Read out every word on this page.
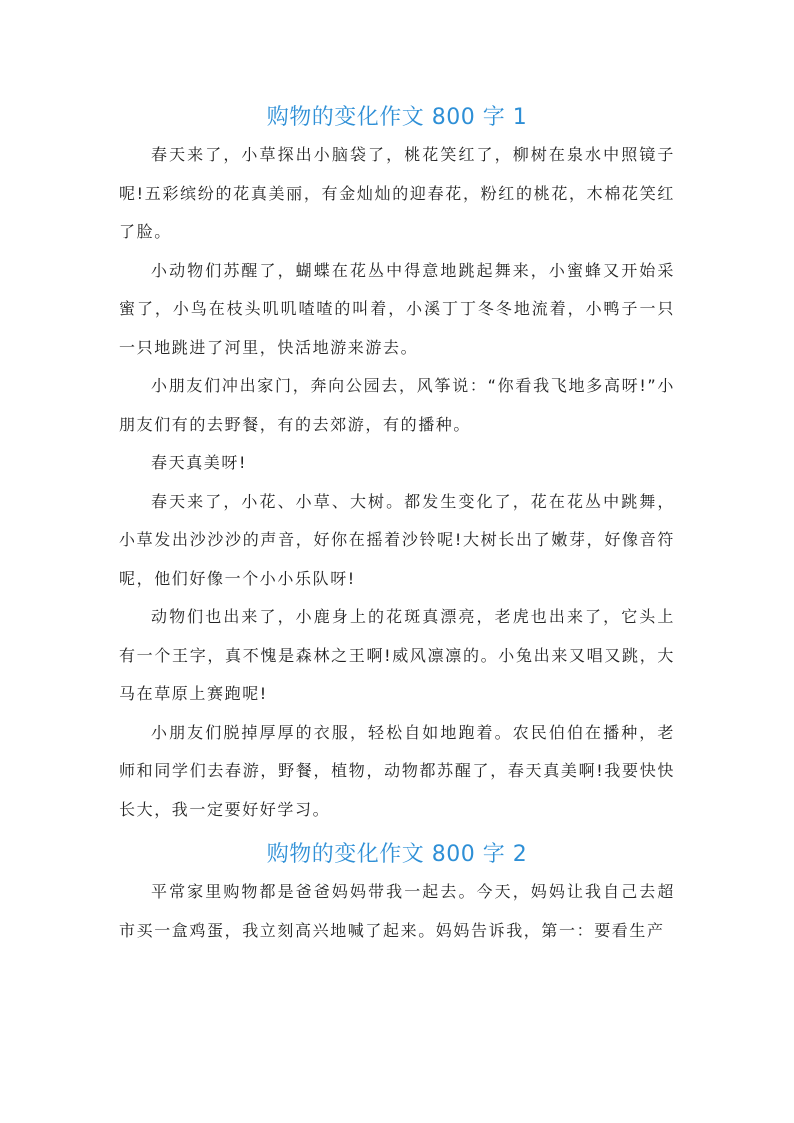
购物的变化作文 800 字 1

春天来了，小草探出小脑袋了，桃花笑红了，柳树在泉水中照镜子呢!五彩缤纷的花真美丽，有金灿灿的迎春花，粉红的桃花，木棉花笑红了脸。

小动物们苏醒了，蝴蝶在花丛中得意地跳起舞来，小蜜蜂又开始采蜜了，小鸟在枝头叽叽喳喳的叫着，小溪丁丁冬冬地流着，小鸭子一只一只地跳进了河里，快活地游来游去。

小朋友们冲出家门，奔向公园去，风筝说：“你看我飞地多高呀!”小朋友们有的去野餐，有的去郊游，有的播种。

春天真美呀!

春天来了，小花、小草、大树。都发生变化了，花在花丛中跳舞，小草发出沙沙沙的声音，好你在摇着沙铃呢!大树长出了嫩芽，好像音符呢，他们好像一个小小乐队呀!

动物们也出来了，小鹿身上的花斑真漂亮，老虎也出来了，它头上有一个王字，真不愧是森林之王啊!威风凛凛的。小兔出来又唱又跳，大马在草原上赛跑呢!

小朋友们脱掉厚厚的衣服，轻松自如地跑着。农民伯伯在播种，老师和同学们去春游，野餐，植物，动物都苏醒了，春天真美啊!我要快快长大，我一定要好好学习。

购物的变化作文 800 字 2

平常家里购物都是爸爸妈妈带我一起去。今天，妈妈让我自己去超市买一盒鸡蛋，我立刻高兴地喊了起来。妈妈告诉我，第一：要看生产
